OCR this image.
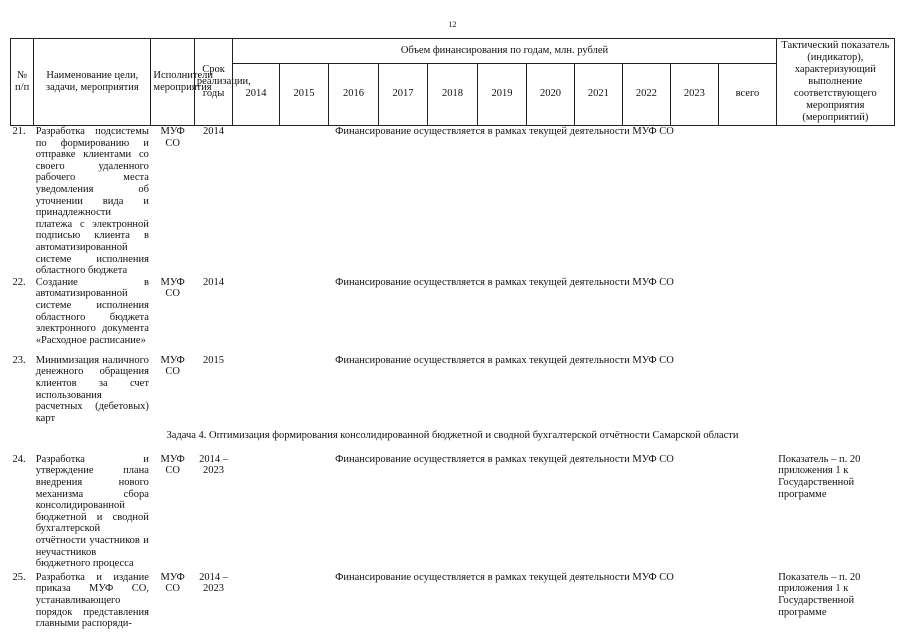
12
№ п/п	Наименование цели, задачи, мероприятия	Исполнители мероприятия	Срок реализации, годы	Объем финансирования по годам, млн. рублей											Тактический показатель (индикатор), характеризующий выполнение соответствующего мероприятия (мероприятий)
				2014	2015	2016	2017	2018	2019	2020	2021	2022	2023	всего	
21.	Разработка подсистемы по формированию и отправке клиентами со своего удаленного рабочего места уведомления об уточнении вида и принадлежности платежа с электронной подписью клиента в автоматизированной системе исполнения областного бюджета	МУФ СО	2014	Финансирование осуществляется в рамках текущей деятельности МУФ СО											
22.	Создание в автоматизированной системе исполнения областного бюджета электронного документа «Расходное расписание»	МУФ СО	2014	Финансирование осуществляется в рамках текущей деятельности МУФ СО											
23.	Минимизация наличного денежного обращения клиентов за счет использования расчетных (дебетовых) карт	МУФ СО	2015	Финансирование осуществляется в рамках текущей деятельности МУФ СО											
Задача 4. Оптимизация формирования консолидированной бюджетной и сводной бухгалтерской отчётности Самарской области															
24.	Разработка и утверждение плана внедрения нового механизма сбора консолидированной бюджетной и сводной бухгалтерской отчётности участников и неучастников бюджетного процесса	МУФ СО	2014 – 2023	Финансирование осуществляется в рамках текущей деятельности МУФ СО											Показатель – п. 20 приложения 1 к Государственной программе
25.	Разработка и издание приказа МУФ СО, устанавливающего порядок представления главными распоряди-	МУФ СО	2014 – 2023	Финансирование осуществляется в рамках текущей деятельности МУФ СО											Показатель – п. 20 приложения 1 к Государственной программе
